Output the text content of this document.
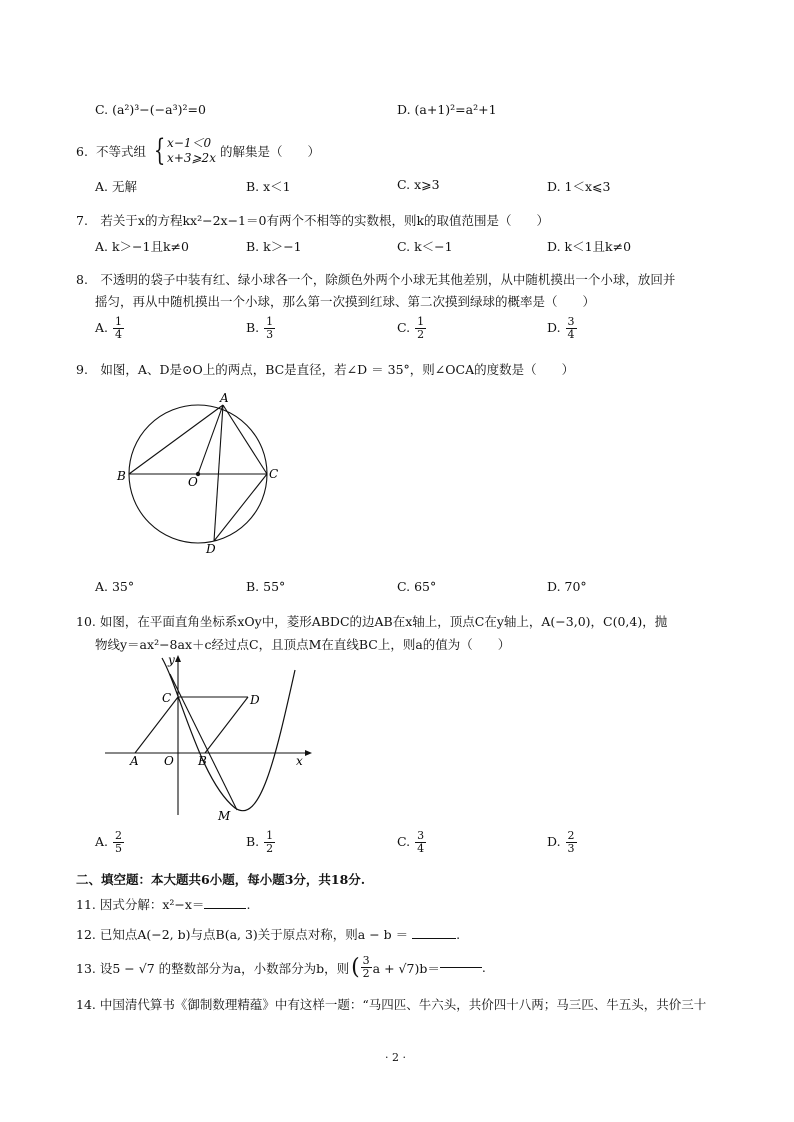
C. (a²)³−(−a³)²=0	D. (a+1)²=a²+1
6. 不等式组 { x−1＜0
x+3⩾2x 的解集是（　　）
A. 无解	B. x＜1	C. x⩾3	D. 1＜x⩽3
7.　若关于x的方程kx²−2x−1＝0有两个不相等的实数根，则k的取值范围是（　　）
A. k＞−1且k≠0	B. k＞−1	C. k＜−1	D. k＜1且k≠0
8.　不透明的袋子中装有红、绿小球各一个，除颜色外两个小球无其他差别，从中随机摸出一个小球，放回并
摇匀，再从中随机摸出一个小球，那么第一次摸到红球、第二次摸到绿球的概率是（　　）
A. $\frac{1}{4}$	B. $\frac{1}{3}$	C. $\frac{1}{2}$	D. $\frac{3}{4}$
9.　如图，A、D是⊙O上的两点，BC是直径，若∠D ＝ 35°，则∠OCA的度数是（　　）
A
B	C
D
O
A. 35°	B. 55°	C. 65°	D. 70°
10. 如图，在平面直角坐标系xOy中，菱形ABDC的边AB在x轴上，顶点C在y轴上，A(−3,0)，C(0,4)，抛
物线y＝ax²−8ax＋c经过点C，且顶点M在直线BC上，则a的值为（　　）
y
x
C	D
A O B
M
A. $\frac{2}{5}$	B. $\frac{1}{2}$	C. $\frac{3}{4}$	D. $\frac{2}{3}$
二、填空题：本大题共6小题，每小题3分，共18分.
11. 因式分解：x²−x＝	.
12. 已知点A(−2, b)与点B(a, 3)关于原点对称，则a − b ＝	.
13. 设5 − √7 的整数部分为a，小数部分为b，则 ( $\frac{3}{2}$ a + √7)b＝	.
14. 中国清代算书《御制数理精蕴》中有这样一题：“马四匹、牛六头，共价四十八两；马三匹、牛五头，共价三十
· 2 ·
